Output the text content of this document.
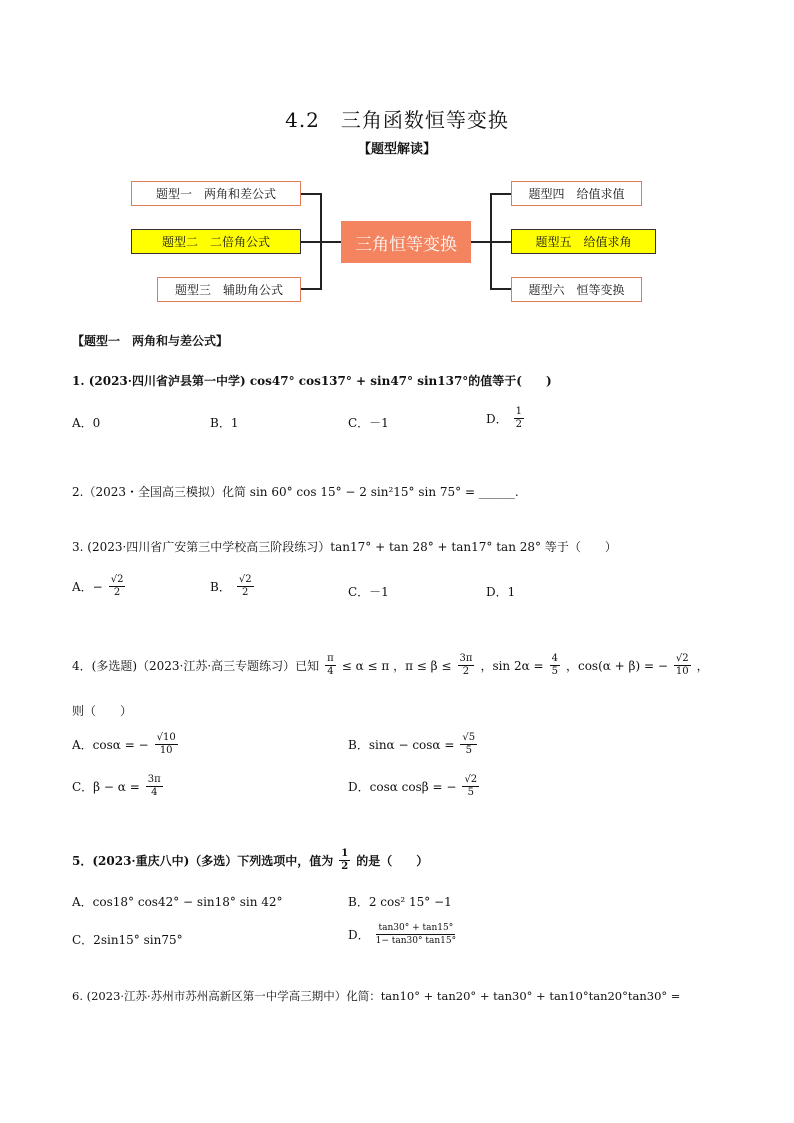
4.2　三角函数恒等变换
【题型解读】
题型一　两角和差公式
题型二　二倍角公式
题型三　辅助角公式
三角恒等变换
题型四　给值求值
题型五　给值求角
题型六　恒等变换
【题型一　两角和与差公式】
1. (2023·四川省泸县第一中学) cos47° cos137° + sin47° sin137°的值等于(　　)
A．0	B．1	C．－1	D． $\frac{1}{2}$
2.（2023・全国高三模拟）化简 sin 60° cos 15° − 2 sin²15° sin 75° = ______.
3. (2023·四川省广安第三中学校高三阶段练习）tan17° + tan 28° + tan17° tan 28° 等于（　　）
A．− $\frac{√2}{2}$	B． $\frac{√2}{2}$	C．－1	D．1
4．(多选题)（2023·江苏·高三专题练习）已知 $\frac{\pi}{4} \le \alpha \le \pi$ ，$\pi \le \beta \le \frac{3\pi}{2}$ ，$\sin 2\alpha = \frac{4}{5}$ ，cos(α + β) = − $\frac{√2}{10}$ ，
则（　　）
A．cosα = − $\frac{√10}{10}$	B．$\sin\alpha - \cos\alpha = \frac{√5}{5}$
C．$\beta - \alpha = \frac{3\pi}{4}$	D．cosα cosβ = − $\frac{√2}{5}$
5．(2023·重庆八中)（多选）下列选项中，值为 $\frac{1}{2}$ 的是（　　）
A．cos18° cos42° − sin18° sin 42°	B．2 cos² 15° −1
C．2sin15° sin75°	D． $\frac{\tan 30^\circ + \tan 15^\circ}{1- \tan 30^\circ \tan 15^\circ}$
6. (2023·江苏·苏州市苏州高新区第一中学高三期中）化简：tan10° + tan20° + tan30° + tan10°tan20°tan30° =
